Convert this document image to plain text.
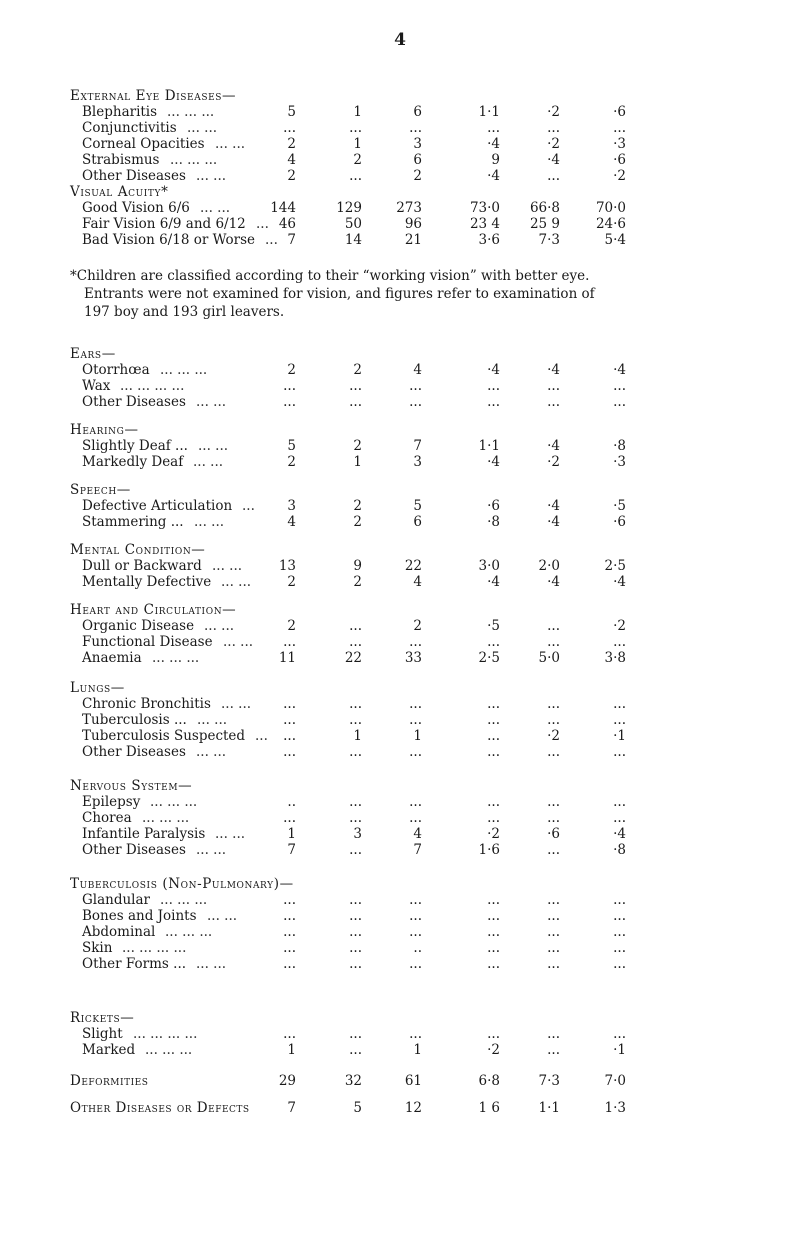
4
External Eye Diseases—
Blepharitis ... ... ...	5	1	6	1·1	·2	·6
Conjunctivitis ... ...	...	...	...	...	...	...
Corneal Opacities ... ...	2	1	3	·4	·2	·3
Strabismus ... ... ...	4	2	6	9	·4	·6
Other Diseases ... ...	2	...	2	·4	...	·2
Visual Acuity*
Good Vision 6/6 ... ...	144	129	273	73·0	66·8	70·0
Fair Vision 6/9 and 6/12 ... 46	50	96	23 4	25 9	24·6
Bad Vision 6/18 or Worse ... 7	14	21	3·6	7·3	5·4
Ears—
Otorrhœa ... ... ...	2	2	4	·4	·4	·4
Wax ... ... ... ...	...	...	...	...	...	...
Other Diseases ... ...	...	...	...	...	...	...
Hearing—
Slightly Deaf ... ... ...	5	2	7	1·1	·4	·8
Markedly Deaf ... ...	2	1	3	·4	·2	·3
Speech—
Defective Articulation ...	3	2	5	·6	·4	·5
Stammering ... ... ...	4	2	6	·8	·4	·6
Mental Condition—
Dull or Backward ... ...	13	9	22	3·0	2·0	2·5
Mentally Defective ... ...	2	2	4	·4	·4	·4
Heart and Circulation—
Organic Disease ... ...	2	...	2	·5	...	·2
Functional Disease ... ...	...	...	...	...	...	...
Anaemia ... ... ...	11	22	33	2·5	5·0	3·8
Lungs—
Chronic Bronchitis ... ...	...	...	...	...	...	...
Tuberculosis ... ... ...	...	...	...	...	...	...
Tuberculosis Suspected ...	...	1	1	...	·2	·1
Other Diseases ... ...	...	...	...	...	...	...
Nervous System—
Epilepsy ... ... ...	..	...	...	...	...	...
Chorea ... ... ...	...	...	...	...	...	...
Infantile Paralysis ... ...	1	3	4	·2	·6	·4
Other Diseases ... ...	7	...	7	1·6	...	·8
Tuberculosis (Non-Pulmonary)—
Glandular ... ... ...	...	...	...	...	...	...
Bones and Joints ... ...	...	...	...	...	...	...
Abdominal ... ... ...	...	...	...	...	...	...
Skin ... ... ... ...	...	...	..	...	...	...
Other Forms ... ... ...	...	...	...	...	...	...
Rickets—
Slight ... ... ... ...	...	...	...	...	...	...
Marked ... ... ...	1	...	1	·2	...	·1
Deformities	29	32	61	6·8	7·3	7·0
Other Diseases or Defects	7	5	12	1 6	1·1	1·3

*Children are classified according to their “working vision” with better eye.

Entrants were not examined for vision, and figures refer to examination of

197 boy and 193 girl leavers.
